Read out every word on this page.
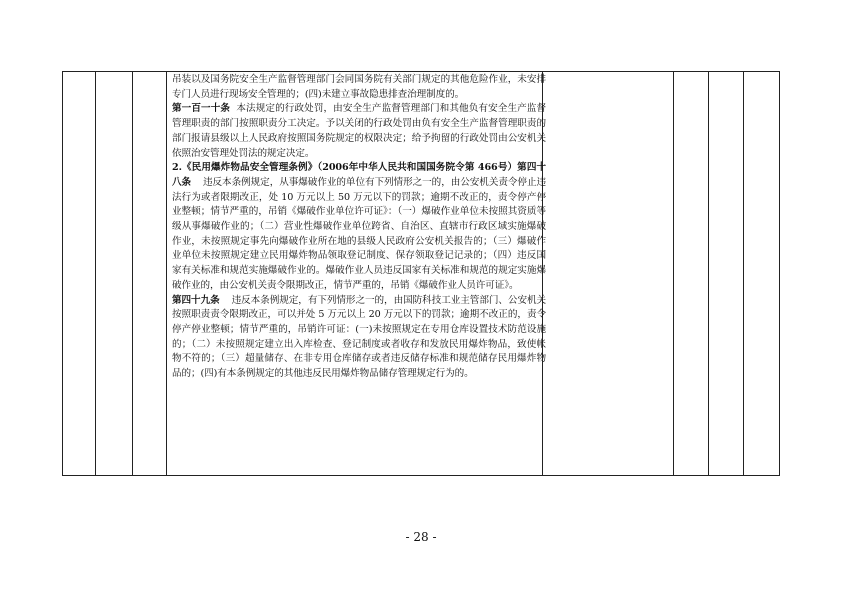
吊装以及国务院安全生产监督管理部门会同国务院有关部门规定的其他危险作业，未安排专门人员进行现场安全管理的；(四)未建立事故隐患排查治理制度的。

第一百一十条 本法规定的行政处罚，由安全生产监督管理部门和其他负有安全生产监督管理职责的部门按照职责分工决定。予以关闭的行政处罚由负有安全生产监督管理职责的部门报请县级以上人民政府按照国务院规定的权限决定；给予拘留的行政处罚由公安机关依照治安管理处罚法的规定决定。

2.《民用爆炸物品安全管理条例》（2006年中华人民共和国国务院令第 466号）第四十八条 违反本条例规定，从事爆破作业的单位有下列情形之一的，由公安机关责令停止违法行为或者限期改正，处 10 万元以上 50 万元以下的罚款；逾期不改正的，责令停产停业整顿；情节严重的，吊销《爆破作业单位许可证》：（一）爆破作业单位未按照其资质等级从事爆破作业的；（二）营业性爆破作业单位跨省、自治区、直辖市行政区域实施爆破作业，未按照规定事先向爆破作业所在地的县级人民政府公安机关报告的；（三）爆破作业单位未按照规定建立民用爆炸物品领取登记制度、保存领取登记记录的；（四）违反国家有关标准和规范实施爆破作业的。爆破作业人员违反国家有关标准和规范的规定实施爆破作业的，由公安机关责令限期改正，情节严重的，吊销《爆破作业人员许可证》。

第四十九条 违反本条例规定，有下列情形之一的，由国防科技工业主管部门、公安机关按照职责责令限期改正，可以并处 5 万元以上 20 万元以下的罚款；逾期不改正的，责令停产停业整顿；情节严重的，吊销许可证：(一)未按照规定在专用仓库设置技术防范设施的；（二）未按照规定建立出入库检查、登记制度或者收存和发放民用爆炸物品，致使帐物不符的；（三）超量储存、在非专用仓库储存或者违反储存标准和规范储存民用爆炸物品的；(四)有本条例规定的其他违反民用爆炸物品储存管理规定行为的。

- 28 -
